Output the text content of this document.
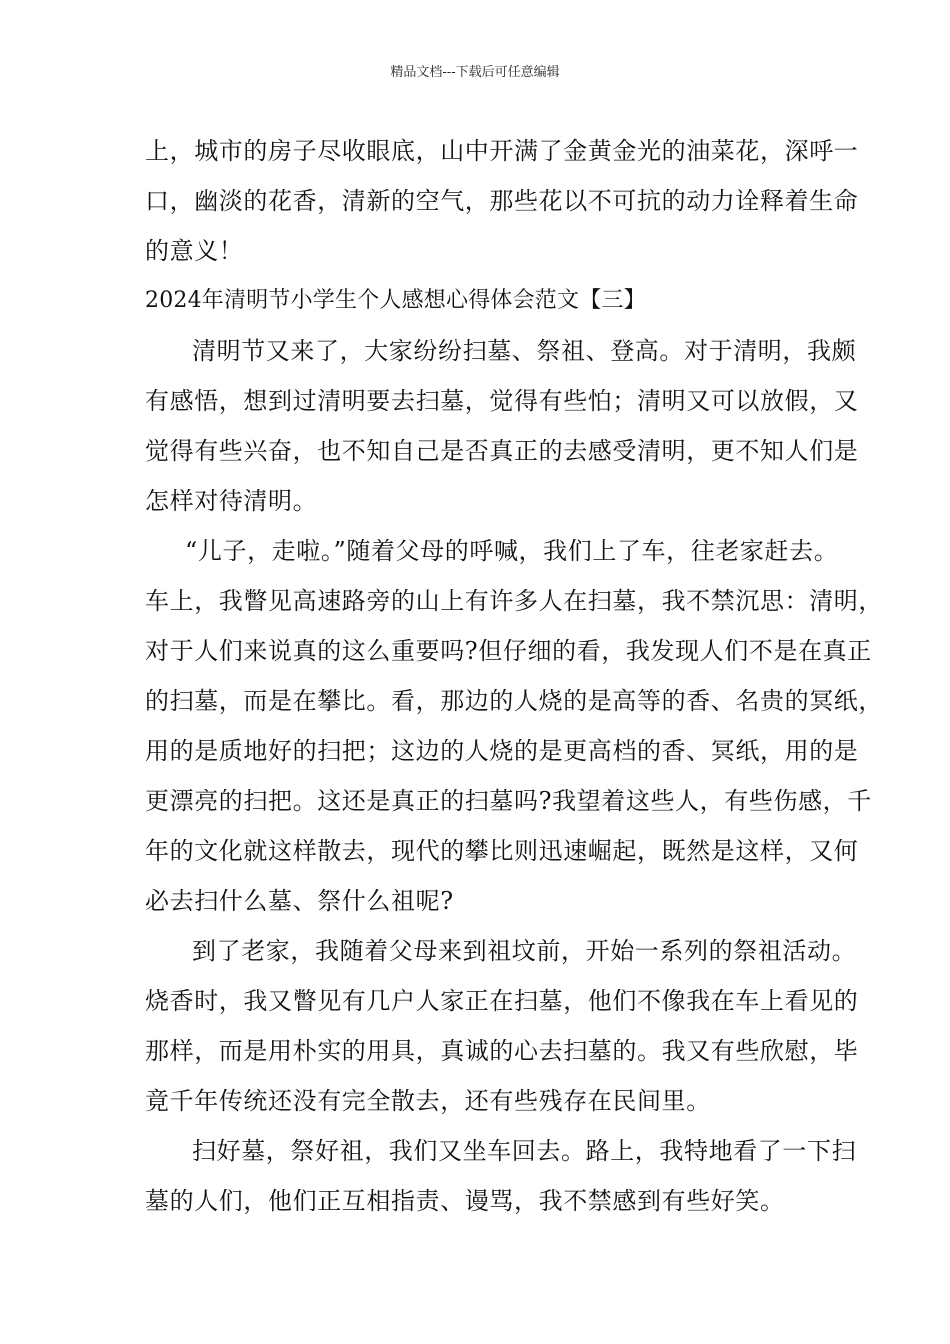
精品文档---下载后可任意编辑
上，城市的房子尽收眼底，山中开满了金黄金光的油菜花，深呼一
口，幽淡的花香，清新的空气，那些花以不可抗的动力诠释着生命
的意义！
2024年清明节小学生个人感想心得体会范文【三】
清明节又来了，大家纷纷扫墓、祭祖、登高。对于清明，我颇
有感悟，想到过清明要去扫墓，觉得有些怕；清明又可以放假，又
觉得有些兴奋，也不知自己是否真正的去感受清明，更不知人们是
怎样对待清明。
“儿子，走啦。”随着父母的呼喊，我们上了车，往老家赶去。
车上，我瞥见高速路旁的山上有许多人在扫墓，我不禁沉思：清明，
对于人们来说真的这么重要吗?但仔细的看，我发现人们不是在真正
的扫墓，而是在攀比。看，那边的人烧的是高等的香、名贵的冥纸，
用的是质地好的扫把；这边的人烧的是更高档的香、冥纸，用的是
更漂亮的扫把。这还是真正的扫墓吗?我望着这些人，有些伤感，千
年的文化就这样散去，现代的攀比则迅速崛起，既然是这样，又何
必去扫什么墓、祭什么祖呢?
到了老家，我随着父母来到祖坟前，开始一系列的祭祖活动。
烧香时，我又瞥见有几户人家正在扫墓，他们不像我在车上看见的
那样，而是用朴实的用具，真诚的心去扫墓的。我又有些欣慰，毕
竟千年传统还没有完全散去，还有些残存在民间里。
扫好墓，祭好祖，我们又坐车回去。路上，我特地看了一下扫
墓的人们，他们正互相指责、谩骂，我不禁感到有些好笑。
